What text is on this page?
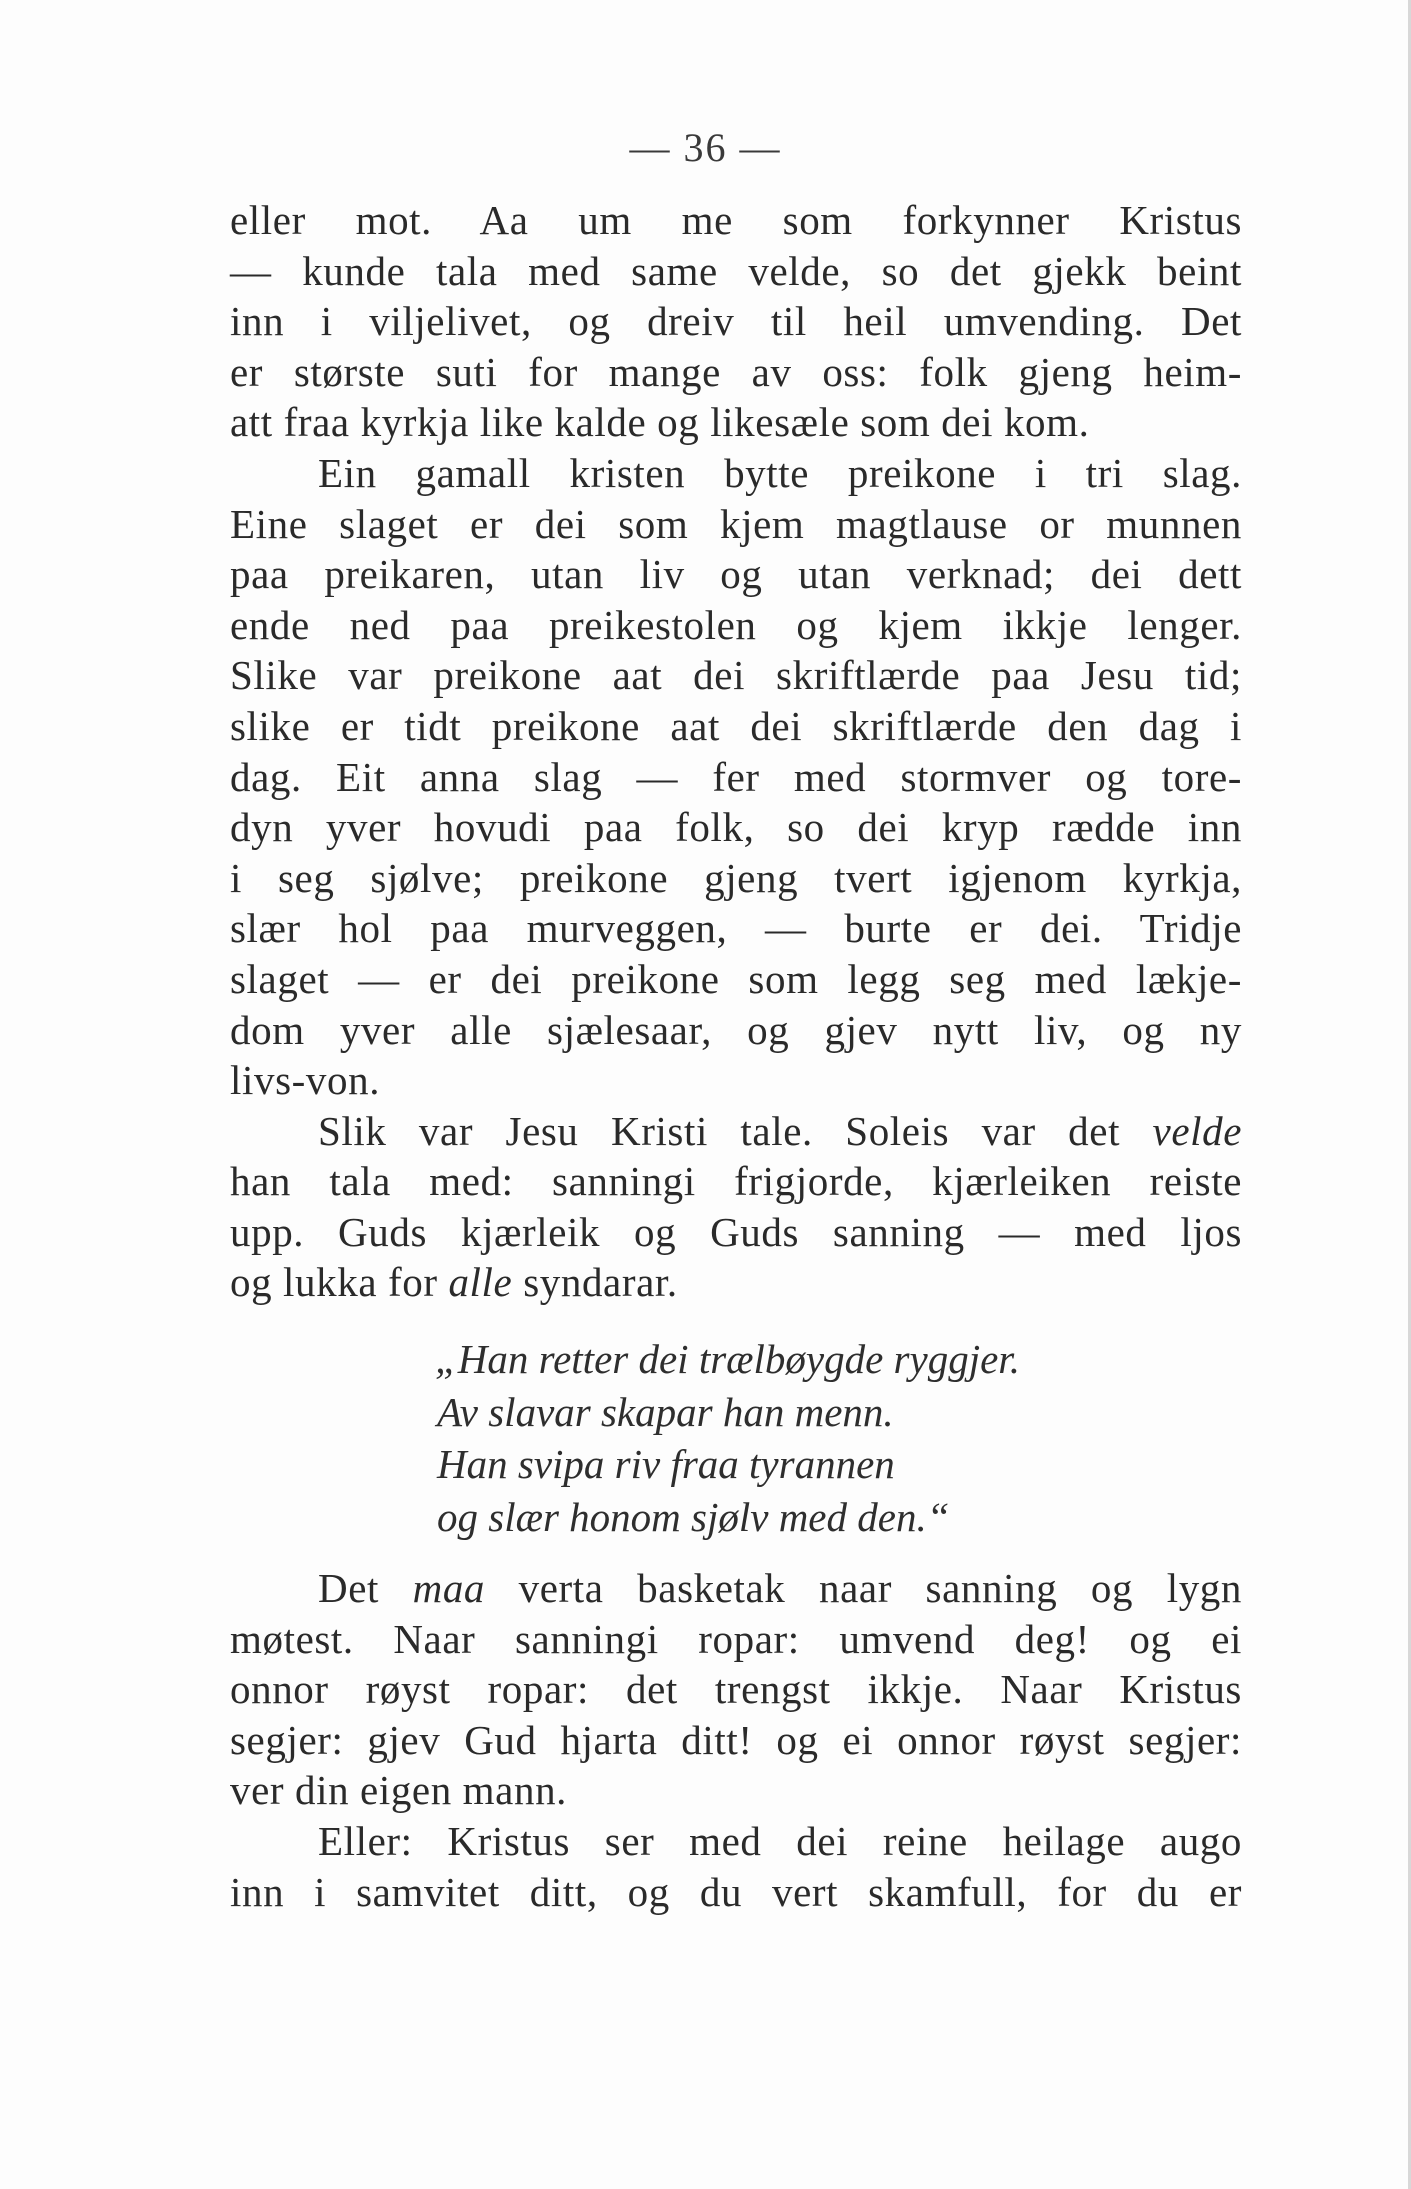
— 36 —
eller mot. Aa um me som forkynner Kristus
— kunde tala med same velde, so det gjekk beint
inn i viljelivet, og dreiv til heil umvending. Det
er største suti for mange av oss: folk gjeng heim-
att fraa kyrkja like kalde og likesæle som dei kom.
Ein gamall kristen bytte preikone i tri slag.
Eine slaget er dei som kjem magtlause or munnen
paa preikaren, utan liv og utan verknad; dei dett
ende ned paa preikestolen og kjem ikkje lenger.
Slike var preikone aat dei skriftlærde paa Jesu tid;
slike er tidt preikone aat dei skriftlærde den dag i
dag. Eit anna slag — fer med stormver og tore-
dyn yver hovudi paa folk, so dei kryp rædde inn
i seg sjølve; preikone gjeng tvert igjenom kyrkja,
slær hol paa murveggen, — burte er dei. Tridje
slaget — er dei preikone som legg seg med lækje-
dom yver alle sjælesaar, og gjev nytt liv, og ny
livs-von.
Slik var Jesu Kristi tale. Soleis var det velde
han tala med: sanningi frigjorde, kjærleiken reiste
upp. Guds kjærleik og Guds sanning — med ljos
og lukka for alle syndarar.
„Han retter dei trælbøygde ryggjer.
Av slavar skapar han menn.
Han svipa riv fraa tyrannen
og slær honom sjølv med den.“
Det maa verta basketak naar sanning og lygn
møtest. Naar sanningi ropar: umvend deg! og ei
onnor røyst ropar: det trengst ikkje. Naar Kristus
segjer: gjev Gud hjarta ditt! og ei onnor røyst segjer:
ver din eigen mann.
Eller: Kristus ser med dei reine heilage augo
inn i samvitet ditt, og du vert skamfull, for du er
